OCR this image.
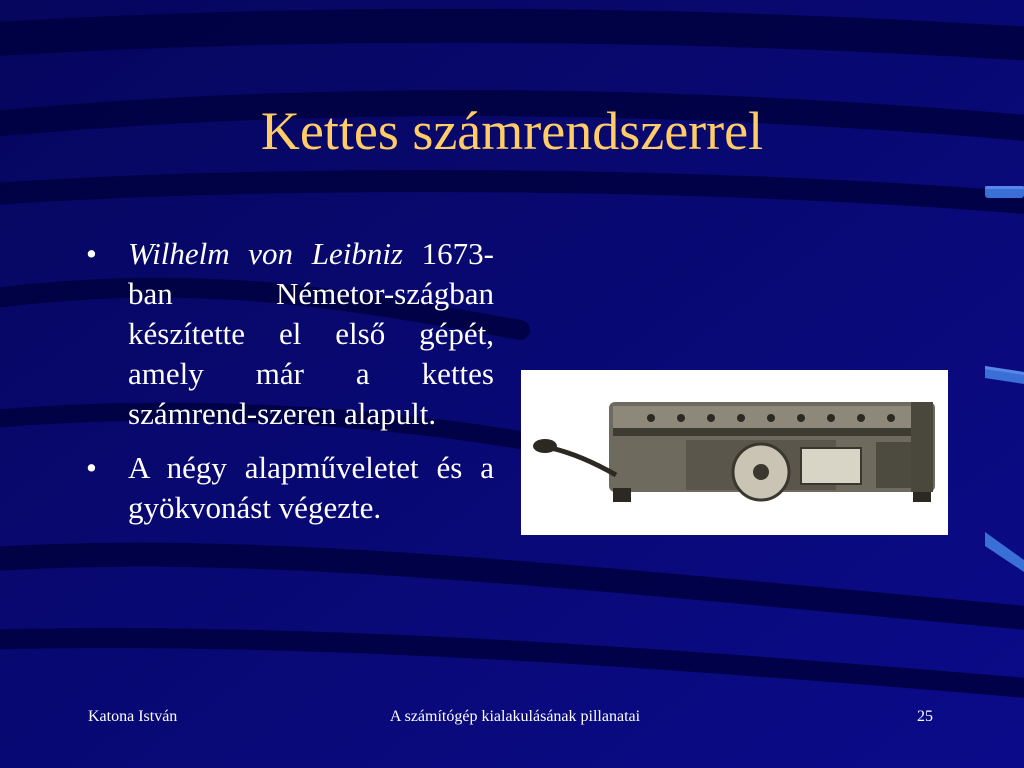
Kettes számrendszerrel
• Wilhelm von Leibniz 1673-ban Németor-szágban készítette el első gépét, amely már a kettes számrend-szeren alapult.
• A négy alapműveletet és a gyökvonást végezte.
Katona István	A számítógép kialakulásának pillanatai	25
